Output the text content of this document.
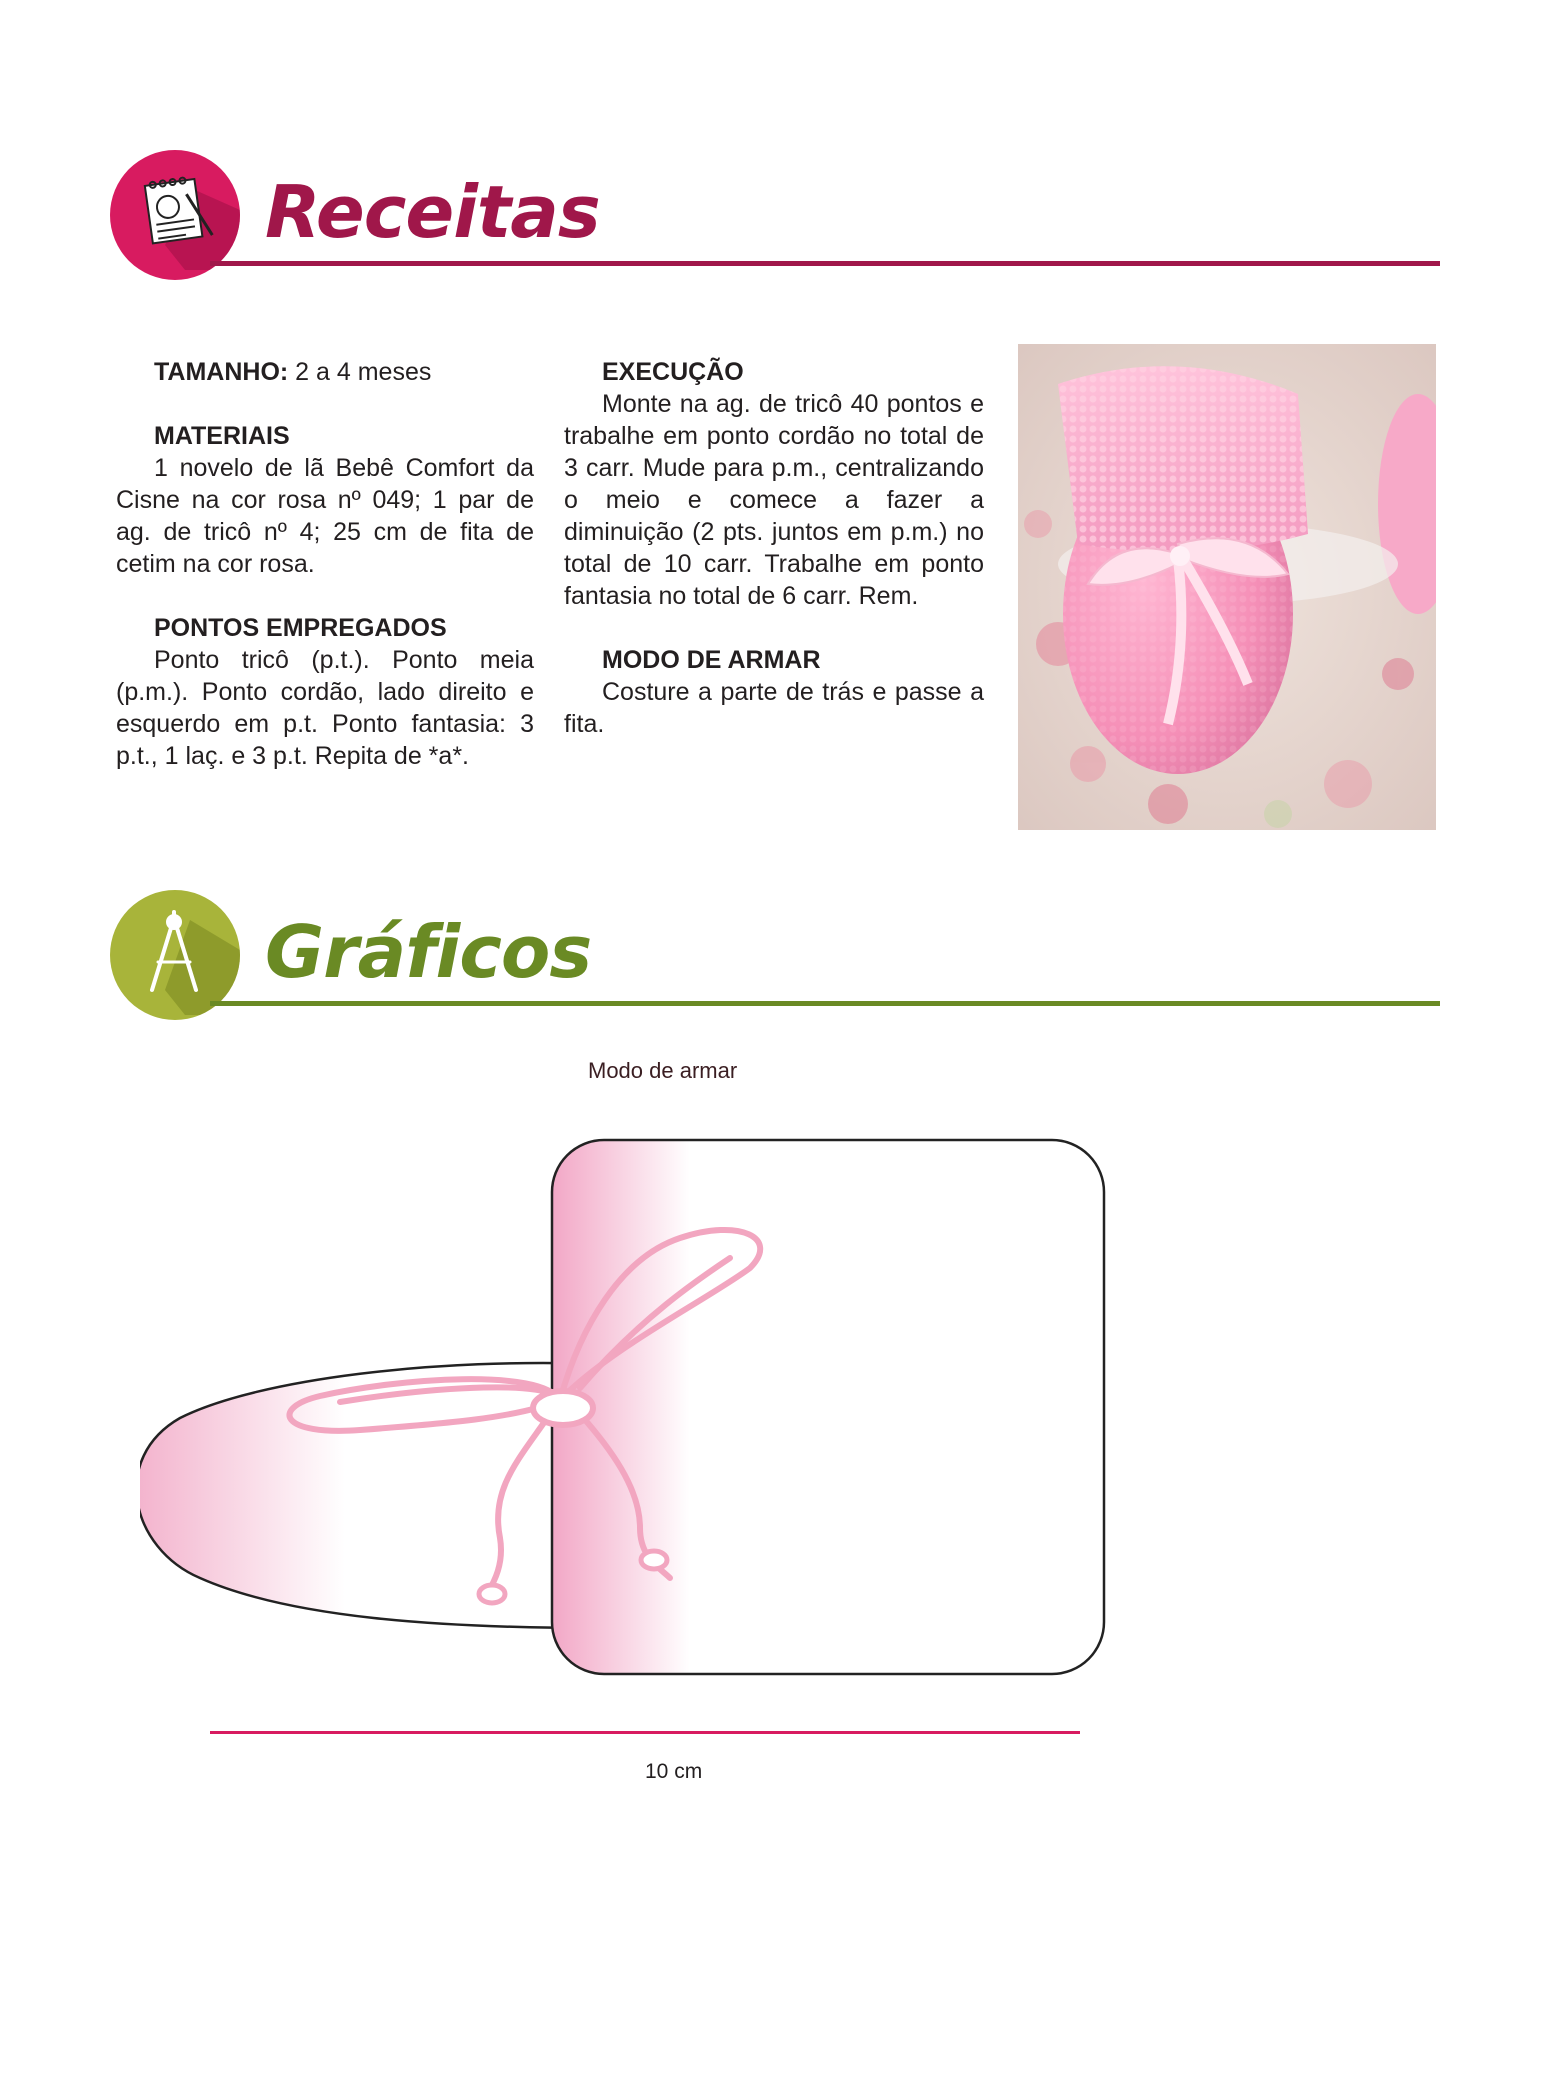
Receitas

TAMANHO: 2 a 4 meses

MATERIAIS

1 novelo de lã Bebê Comfort da Cisne na cor rosa nº 049; 1 par de ag. de tricô nº 4; 25 cm de fita de cetim na cor rosa.

PONTOS EMPREGADOS

Ponto tricô (p.t.). Ponto meia (p.m.). Ponto cordão, lado direito e esquerdo em p.t. Ponto fantasia: 3 p.t., 1 laç. e 3 p.t. Repita de *a*.

EXECUÇÃO

Monte na ag. de tricô 40 pontos e trabalhe em ponto cordão no total de 3 carr. Mude para p.m., centralizando o meio e comece a fazer a diminuição (2 pts. juntos em p.m.) no total de 10 carr. Trabalhe em ponto fantasia no total de 6 carr. Rem.

MODO DE ARMAR

Costure a parte de trás e passe a fita.

Gráficos
Modo de armar
10 cm
